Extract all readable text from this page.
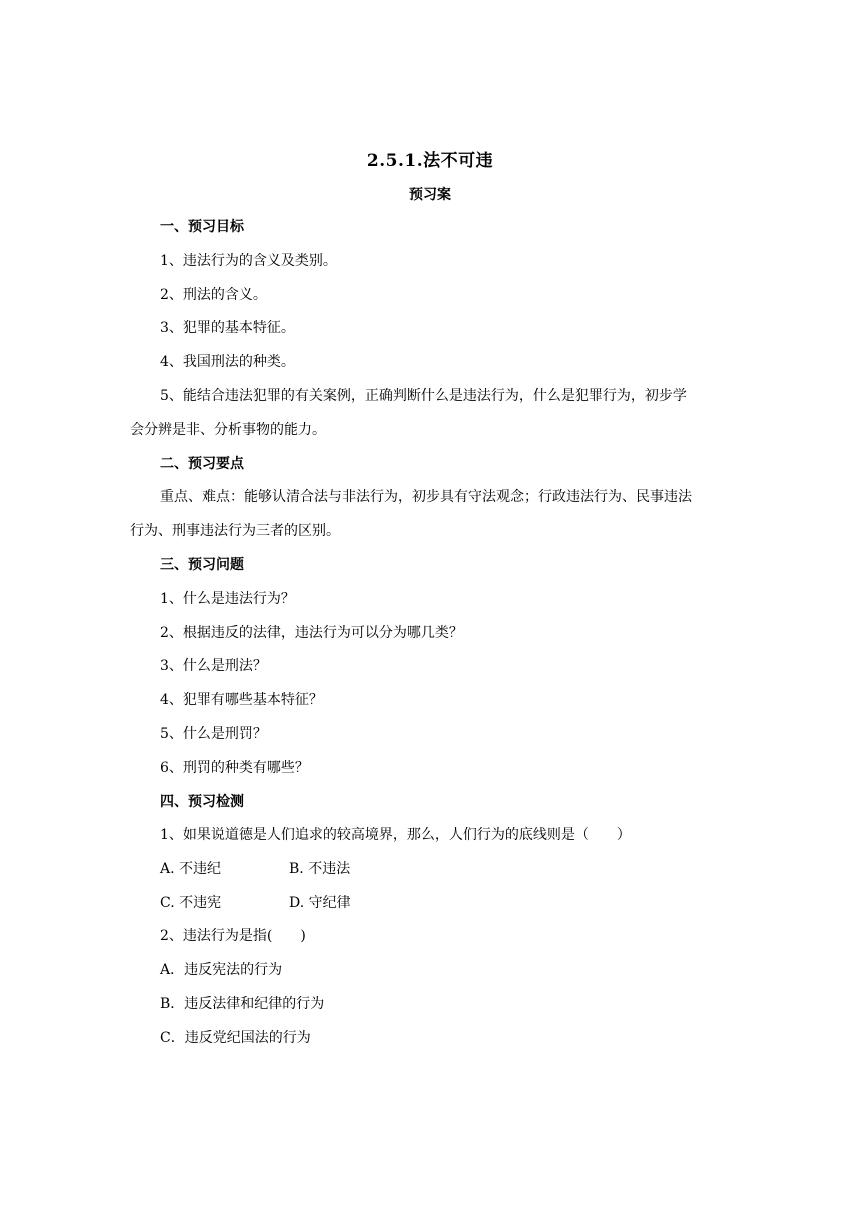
2.5.1.法不可违
预习案
一、预习目标
1、违法行为的含义及类别。
2、刑法的含义。
3、犯罪的基本特征。
4、我国刑法的种类。
5、能结合违法犯罪的有关案例，正确判断什么是违法行为，什么是犯罪行为，初步学
会分辨是非、分析事物的能力。
二、预习要点
重点、难点：能够认清合法与非法行为，初步具有守法观念；行政违法行为、民事违法
行为、刑事违法行为三者的区别。
三、预习问题
1、什么是违法行为？
2、根据违反的法律，违法行为可以分为哪几类？
3、什么是刑法？
4、犯罪有哪些基本特征？
5、什么是刑罚？
6、刑罚的种类有哪些？
四、预习检测
1、如果说道德是人们追求的较高境界，那么，人们行为的底线则是（　　）
A. 不违纪	B. 不违法
C. 不违宪	D. 守纪律
2、违法行为是指(　　)
A．违反宪法的行为
B．违反法律和纪律的行为
C．违反党纪国法的行为
